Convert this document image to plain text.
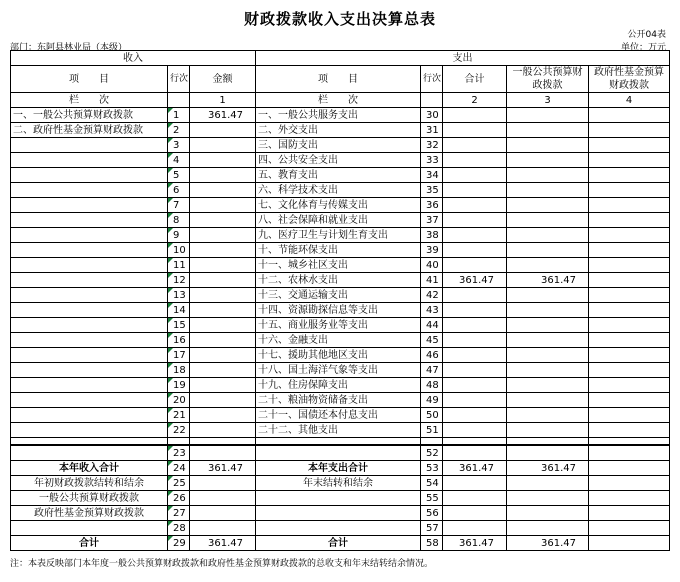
财政拨款收入支出决算总表
公开04表
部门：东阿县林业局（本级）	单位：万元
收入			支出				
项　　目	行次	金额	项　　目	行次	合计	一般公共预算财政拨款	政府性基金预算财政拨款
栏　　次		1	栏　　次		2	3	4
一、一般公共预算财政拨款	1	361.47	一、一般公共服务支出	30			
二、政府性基金预算财政拨款	2		二、外交支出	31			
	3		三、国防支出	32			
	4		四、公共安全支出	33			
	5		五、教育支出	34			
	6		六、科学技术支出	35			
	7		七、文化体育与传媒支出	36			
	8		八、社会保障和就业支出	37			
	9		九、医疗卫生与计划生育支出	38			
	10		十、节能环保支出	39			
	11		十一、城乡社区支出	40			
	12		十二、农林水支出	41	361.47	361.47	
	13		十三、交通运输支出	42			
	14		十四、资源勘探信息等支出	43			
	15		十五、商业服务业等支出	44			
	16		十六、金融支出	45			
	17		十七、援助其他地区支出	46			
	18		十八、国土海洋气象等支出	47			
	19		十九、住房保障支出	48			
	20		二十、粮油物资储备支出	49			
	21		二十一、国债还本付息支出	50			
	22		二十二、其他支出	51			

	23			52			
本年收入合计	24	361.47	本年支出合计	53	361.47	361.47	
年初财政拨款结转和结余	25		年末结转和结余	54			
一般公共预算财政拨款	26			55			
政府性基金预算财政拨款	27			56			
	28			57			
合计	29	361.47	合计	58	361.47	361.47	
注：本表反映部门本年度一般公共预算财政拨款和政府性基金预算财政拨款的总收支和年末结转结余情况。
